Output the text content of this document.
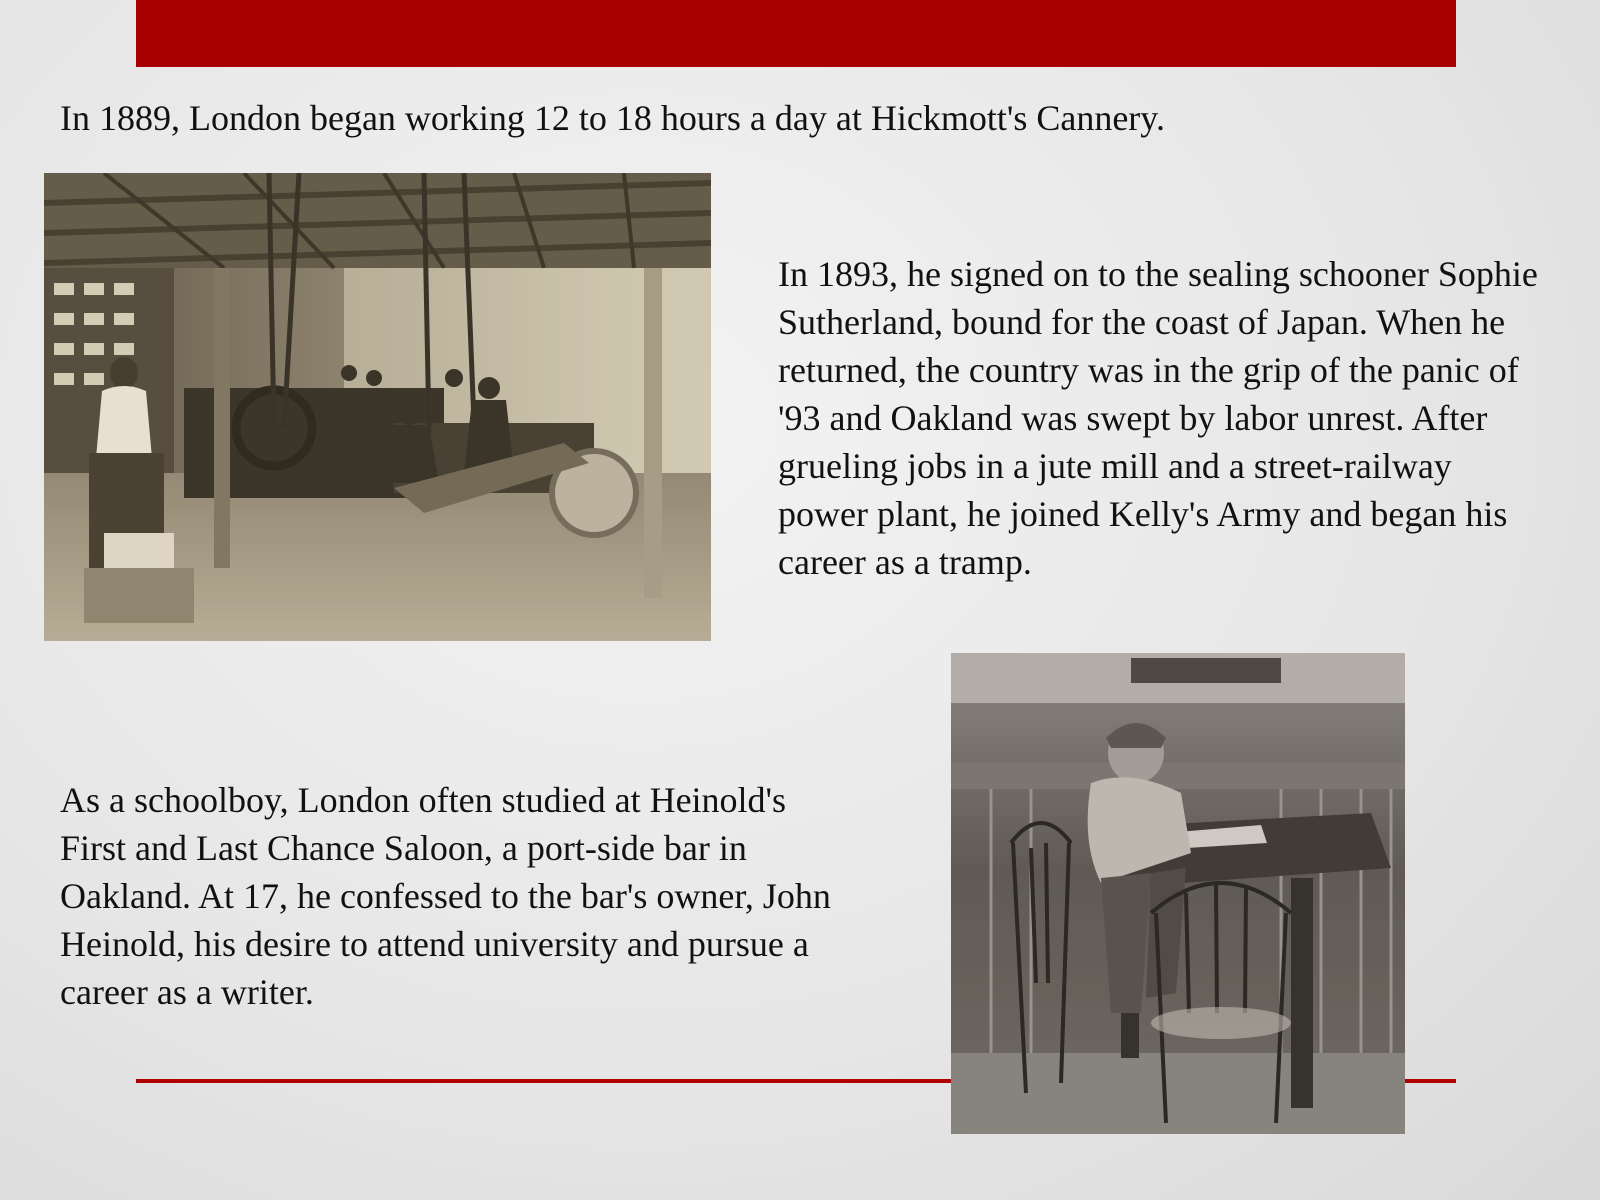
In 1889, London began working 12 to 18 hours a day at Hickmott's Cannery.

In 1893, he signed on to the sealing schooner Sophie Sutherland, bound for the coast of Japan. When he returned, the country was in the grip of the panic of '93 and Oakland was swept by labor unrest. After grueling jobs in a jute mill and a street-railway power plant, he joined Kelly's Army and began his career as a tramp.

As a schoolboy, London often studied at Heinold's First and Last Chance Saloon, a port-side bar in Oakland. At 17, he confessed to the bar's owner, John Heinold, his desire to attend university and pursue a career as a writer.
